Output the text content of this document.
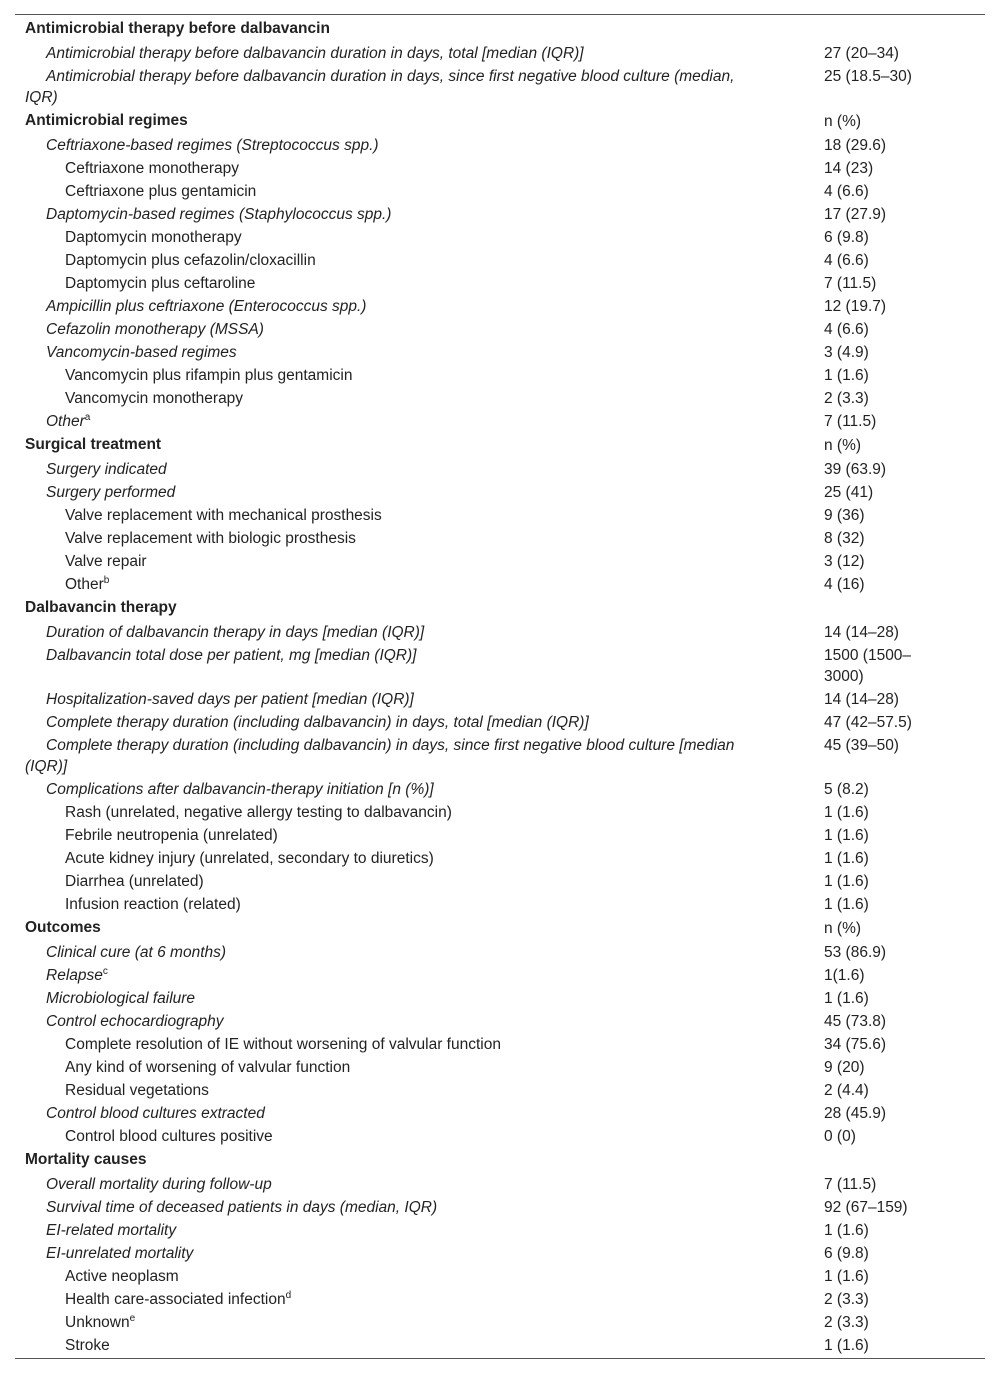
Antimicrobial therapy before dalbavancin
Antimicrobial therapy before dalbavancin duration in days, total [median (IQR)]	27 (20–34)
Antimicrobial therapy before dalbavancin duration in days, since first negative blood culture (median, IQR)
25 (18.5–30)
Antimicrobial regimes	n (%)
Ceftriaxone-based regimes (Streptococcus spp.)	18 (29.6)
Ceftriaxone monotherapy	14 (23)
Ceftriaxone plus gentamicin	4 (6.6)
Daptomycin-based regimes (Staphylococcus spp.)	17 (27.9)
Daptomycin monotherapy	6 (9.8)
Daptomycin plus cefazolin/cloxacillin	4 (6.6)
Daptomycin plus ceftaroline	7 (11.5)
Ampicillin plus ceftriaxone (Enterococcus spp.)	12 (19.7)
Cefazolin monotherapy (MSSA)	4 (6.6)
Vancomycin-based regimes	3 (4.9)
Vancomycin plus rifampin plus gentamicin	1 (1.6)
Vancomycin monotherapy	2 (3.3)
Other$^a$	7 (11.5)
Surgical treatment	n (%)
Surgery indicated	39 (63.9)
Surgery performed	25 (41)
Valve replacement with mechanical prosthesis	9 (36)
Valve replacement with biologic prosthesis	8 (32)
Valve repair	3 (12)
Other$^b$	4 (16)
Dalbavancin therapy
Duration of dalbavancin therapy in days [median (IQR)]	14 (14–28)
Dalbavancin total dose per patient, mg [median (IQR)]	1500 (1500–3000)
Hospitalization-saved days per patient [median (IQR)]	14 (14–28)
Complete therapy duration (including dalbavancin) in days, total [median (IQR)]	47 (42–57.5)
Complete therapy duration (including dalbavancin) in days, since first negative blood culture [median (IQR)]
45 (39–50)
Complications after dalbavancin-therapy initiation [n (%)]	5 (8.2)
Rash (unrelated, negative allergy testing to dalbavancin)	1 (1.6)
Febrile neutropenia (unrelated)	1 (1.6)
Acute kidney injury (unrelated, secondary to diuretics)	1 (1.6)
Diarrhea (unrelated)	1 (1.6)
Infusion reaction (related)	1 (1.6)
Outcomes	n (%)
Clinical cure (at 6 months)	53 (86.9)
Relapse$^c$	1(1.6)
Microbiological failure	1 (1.6)
Control echocardiography	45 (73.8)
Complete resolution of IE without worsening of valvular function	34 (75.6)
Any kind of worsening of valvular function	9 (20)
Residual vegetations	2 (4.4)
Control blood cultures extracted	28 (45.9)
Control blood cultures positive	0 (0)
Mortality causes
Overall mortality during follow-up	7 (11.5)
Survival time of deceased patients in days (median, IQR)	92 (67–159)
EI-related mortality	1 (1.6)
EI-unrelated mortality	6 (9.8)
Active neoplasm	1 (1.6)
Health care-associated infection$^d$	2 (3.3)
Unknown$^e$	2 (3.3)
Stroke	1 (1.6)
